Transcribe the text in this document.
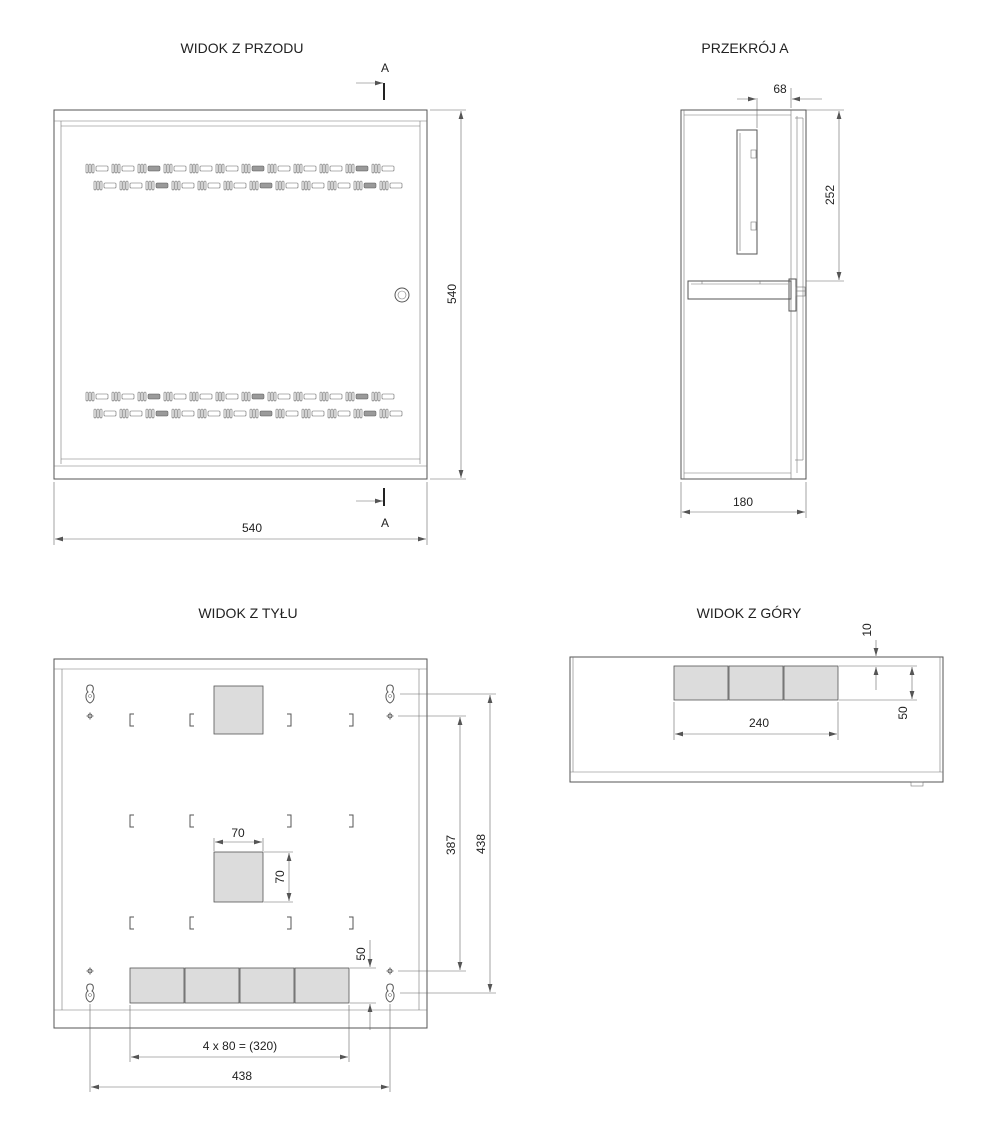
WIDOK Z PRZODU
A
A
540
540
PRZEKRÓJ A
68
252
180
WIDOK Z TYŁU
70
70
50
4 x 80 = (320)
438
387 438
WIDOK Z GÓRY
10
50
240
